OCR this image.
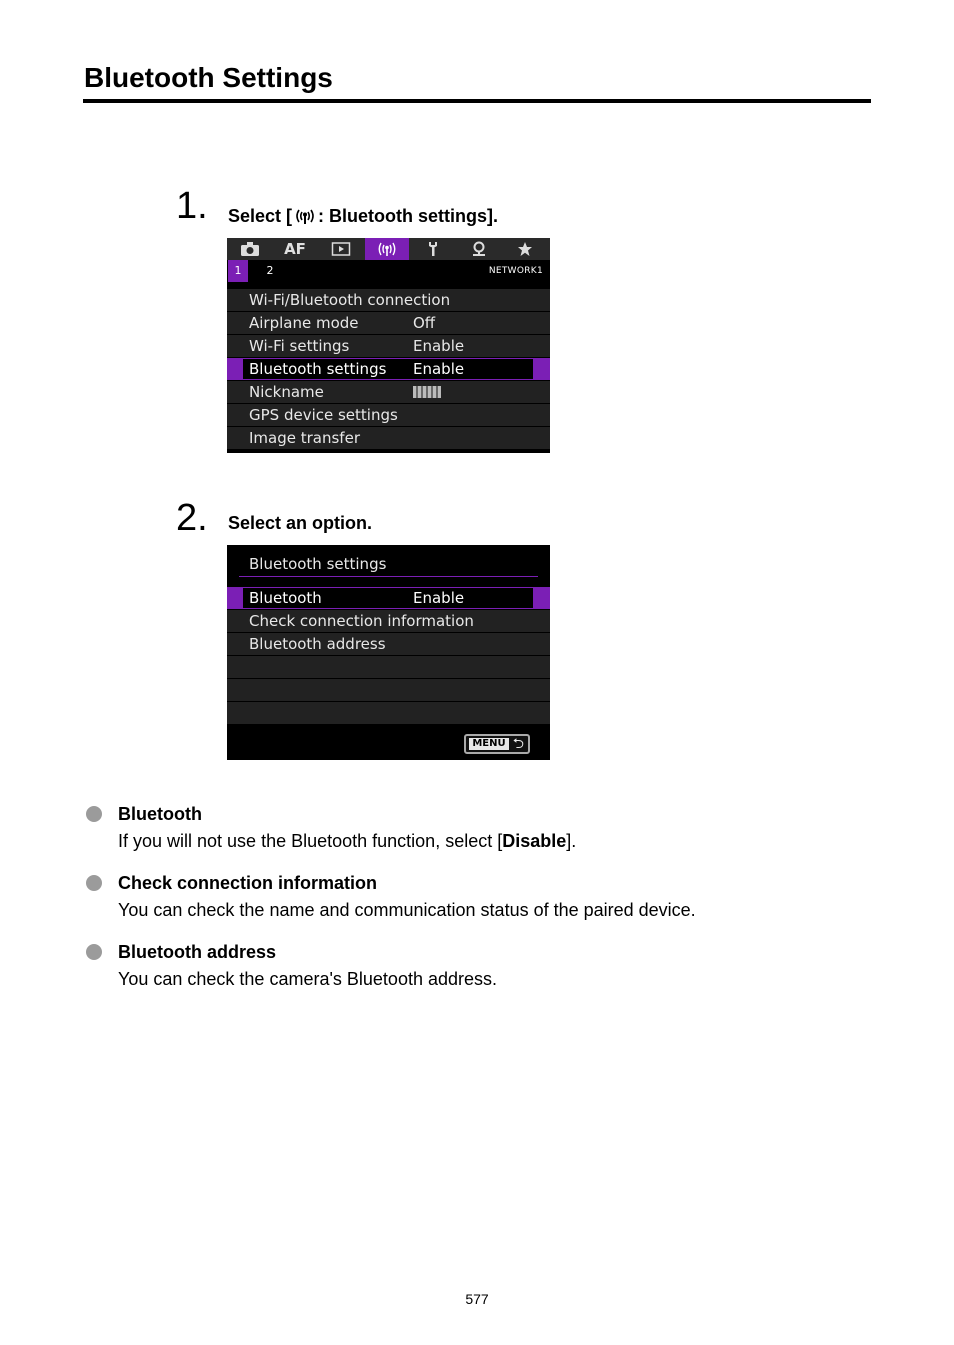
Bluetooth Settings
1. Select [ : Bluetooth settings].
AF
1	2	NETWORK1
Wi-Fi/Bluetooth connection
Airplane mode	Off
Wi-Fi settings	Enable
Bluetooth settings Enable
Nickname
GPS device settings
Image transfer
2. Select an option.
Bluetooth settings
Bluetooth	Enable
Check connection information
Bluetooth address
MENU ⮌
Bluetooth
If you will not use the Bluetooth function, select [Disable].
Check connection information
You can check the name and communication status of the paired device.
Bluetooth address
You can check the camera's Bluetooth address.
577
